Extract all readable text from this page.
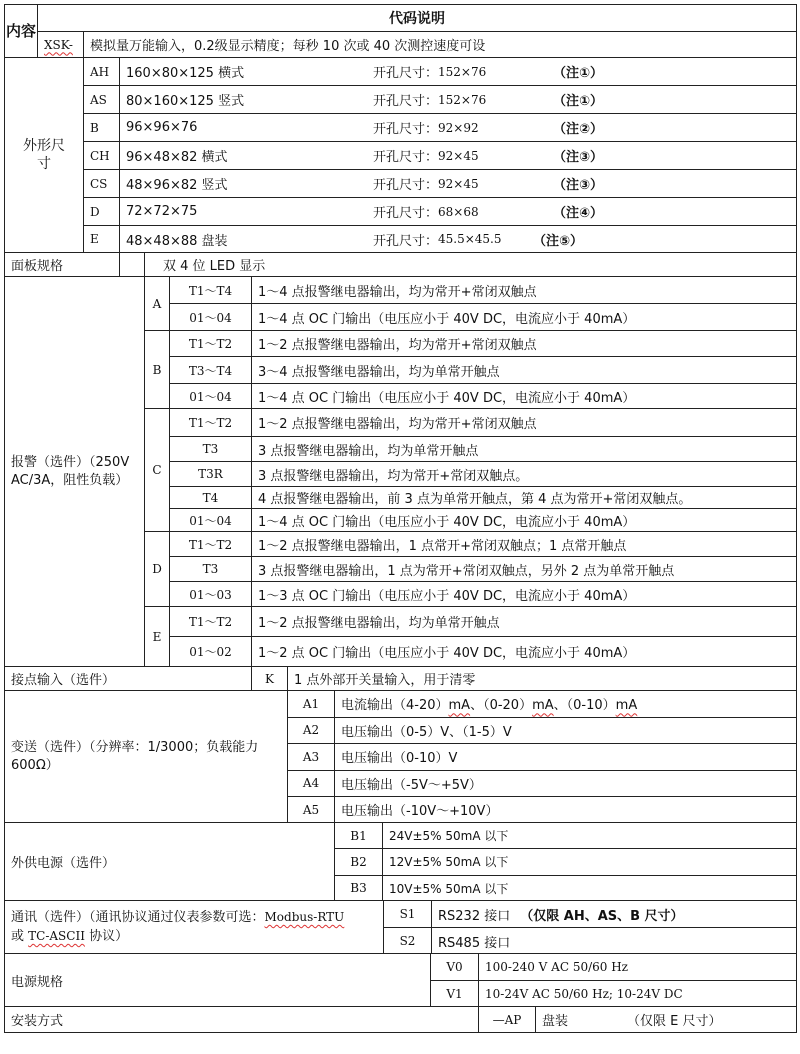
内容
代码说明
XSK-	模拟量万能输入，0.2级显示精度；每秒 10 次或 40 次测控速度可设
外形尺寸
AH	160×80×125 横式	开孔尺寸： 152×76	（注①）
AS	80×160×125 竖式	开孔尺寸： 152×76	（注①）
B	96×96×76	开孔尺寸： 92×92	（注②）
CH	96×48×82 横式	开孔尺寸： 92×45	（注③）
CS	48×96×82 竖式	开孔尺寸： 92×45	（注③）
D	72×72×75	开孔尺寸： 68×68	（注④）
E	48×48×88 盘装	开孔尺寸： 45.5×45.5	（注⑤）
面板规格	双 4 位 LED 显示
报警（选件）（250V AC/3A，阻性负载）
A
T1～T4	1～4 点报警继电器输出，均为常开+常闭双触点
01～04	1～4 点 OC 门输出（电压应小于 40V DC，电流应小于 40mA）
B
T1～T2	1～2 点报警继电器输出，均为常开+常闭双触点
T3～T4	3～4 点报警继电器输出，均为单常开触点
01～04	1～4 点 OC 门输出（电压应小于 40V DC，电流应小于 40mA）
C
T1～T2	1～2 点报警继电器输出，均为常开+常闭双触点
T3	3 点报警继电器输出，均为单常开触点
T3R	3 点报警继电器输出，均为常开+常闭双触点。
T4	4 点报警继电器输出，前 3 点为单常开触点，第 4 点为常开+常闭双触点。
01～04	1～4 点 OC 门输出（电压应小于 40V DC，电流应小于 40mA）
D
T1～T2	1～2 点报警继电器输出，1 点常开+常闭双触点；1 点常开触点
T3	3 点报警继电器输出，1 点为常开+常闭双触点，另外 2 点为单常开触点
01～03	1～3 点 OC 门输出（电压应小于 40V DC，电流应小于 40mA）
E
T1～T2	1～2 点报警继电器输出，均为单常开触点
01～02	1～2 点 OC 门输出（电压应小于 40V DC，电流应小于 40mA）
接点输入（选件）	K	1 点外部开关量输入，用于清零
变送（选件）（分辨率：1/3000；负载能力 600Ω）
A1	电流输出（4-20）mA、（0-20）mA、（0-10）mA
A2	电压输出（0-5）V、（1-5）V
A3	电压输出（0-10）V
A4	电压输出（-5V～+5V）
A5	电压输出（-10V～+10V）
外供电源（选件）
B1	24V±5% 50mA 以下
B2	12V±5% 50mA 以下
B3	10V±5% 50mA 以下
通讯（选件）（通讯协议通过仪表参数可选：Modbus-RTU
或 TC-ASCII 协议）
S1	RS232 接口 （仅限 AH、AS、B 尺寸）
S2	RS485 接口
电源规格
V0	100-240 V AC 50/60 Hz
V1	10-24V AC 50/60 Hz; 10-24V DC
安装方式	—AP	盘装	（仅限 E 尺寸）
